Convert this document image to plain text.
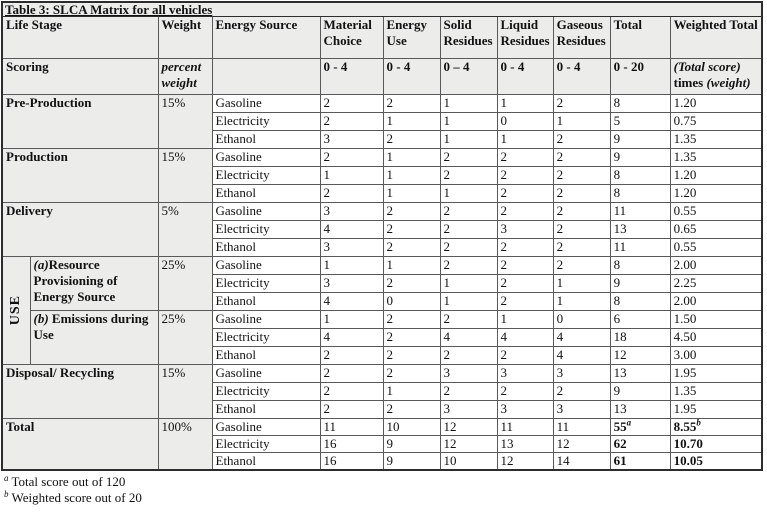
Table 3: SLCA Matrix for all vehicles										
Life Stage		Weight	Energy Source	Material Choice	Energy Use	Solid Residues	Liquid Residues	Gaseous Residues	Total	Weighted Total
Scoring		percent weight		0 - 4	0 - 4	0 – 4	0 - 4	0 - 4	0 - 20	(Total score) times (weight)
Pre-Production		15%	Gasoline	2	2	1	1	2	8	1.20
			Electricity	2	1	1	0	1	5	0.75
			Ethanol	3	2	1	1	2	9	1.35
Production		15%	Gasoline	2	1	2	2	2	9	1.35
			Electricity	1	1	2	2	2	8	1.20
			Ethanol	2	1	1	2	2	8	1.20
Delivery		5%	Gasoline	3	2	2	2	2	11	0.55
			Electricity	4	2	2	3	2	13	0.65
			Ethanol	3	2	2	2	2	11	0.55

USE	(a)Resource Provisioning of Energy Source	25%	Gasoline	1	1	2	2	2	8	2.00
			Electricity	3	2	1	2	1	9	2.25
			Ethanol	4	0	1	2	1	8	2.00
	(b) Emissions during Use	25%	Gasoline	1	2	2	1	0	6	1.50
			Electricity	4	2	4	4	4	18	4.50
			Ethanol	2	2	2	2	4	12	3.00
Disposal/ Recycling		15%	Gasoline	2	2	3	3	3	13	1.95
			Electricity	2	1	2	2	2	9	1.35
			Ethanol	2	2	3	3	3	13	1.95
Total		100%	Gasoline	11	10	12	11	11	55$^a$	8.55$^b$
			Electricity	16	9	12	13	12	62	10.70
			Ethanol	16	9	10	12	14	61	10.05
$^a$ Total score out of 120
$^b$ Weighted score out of 20
